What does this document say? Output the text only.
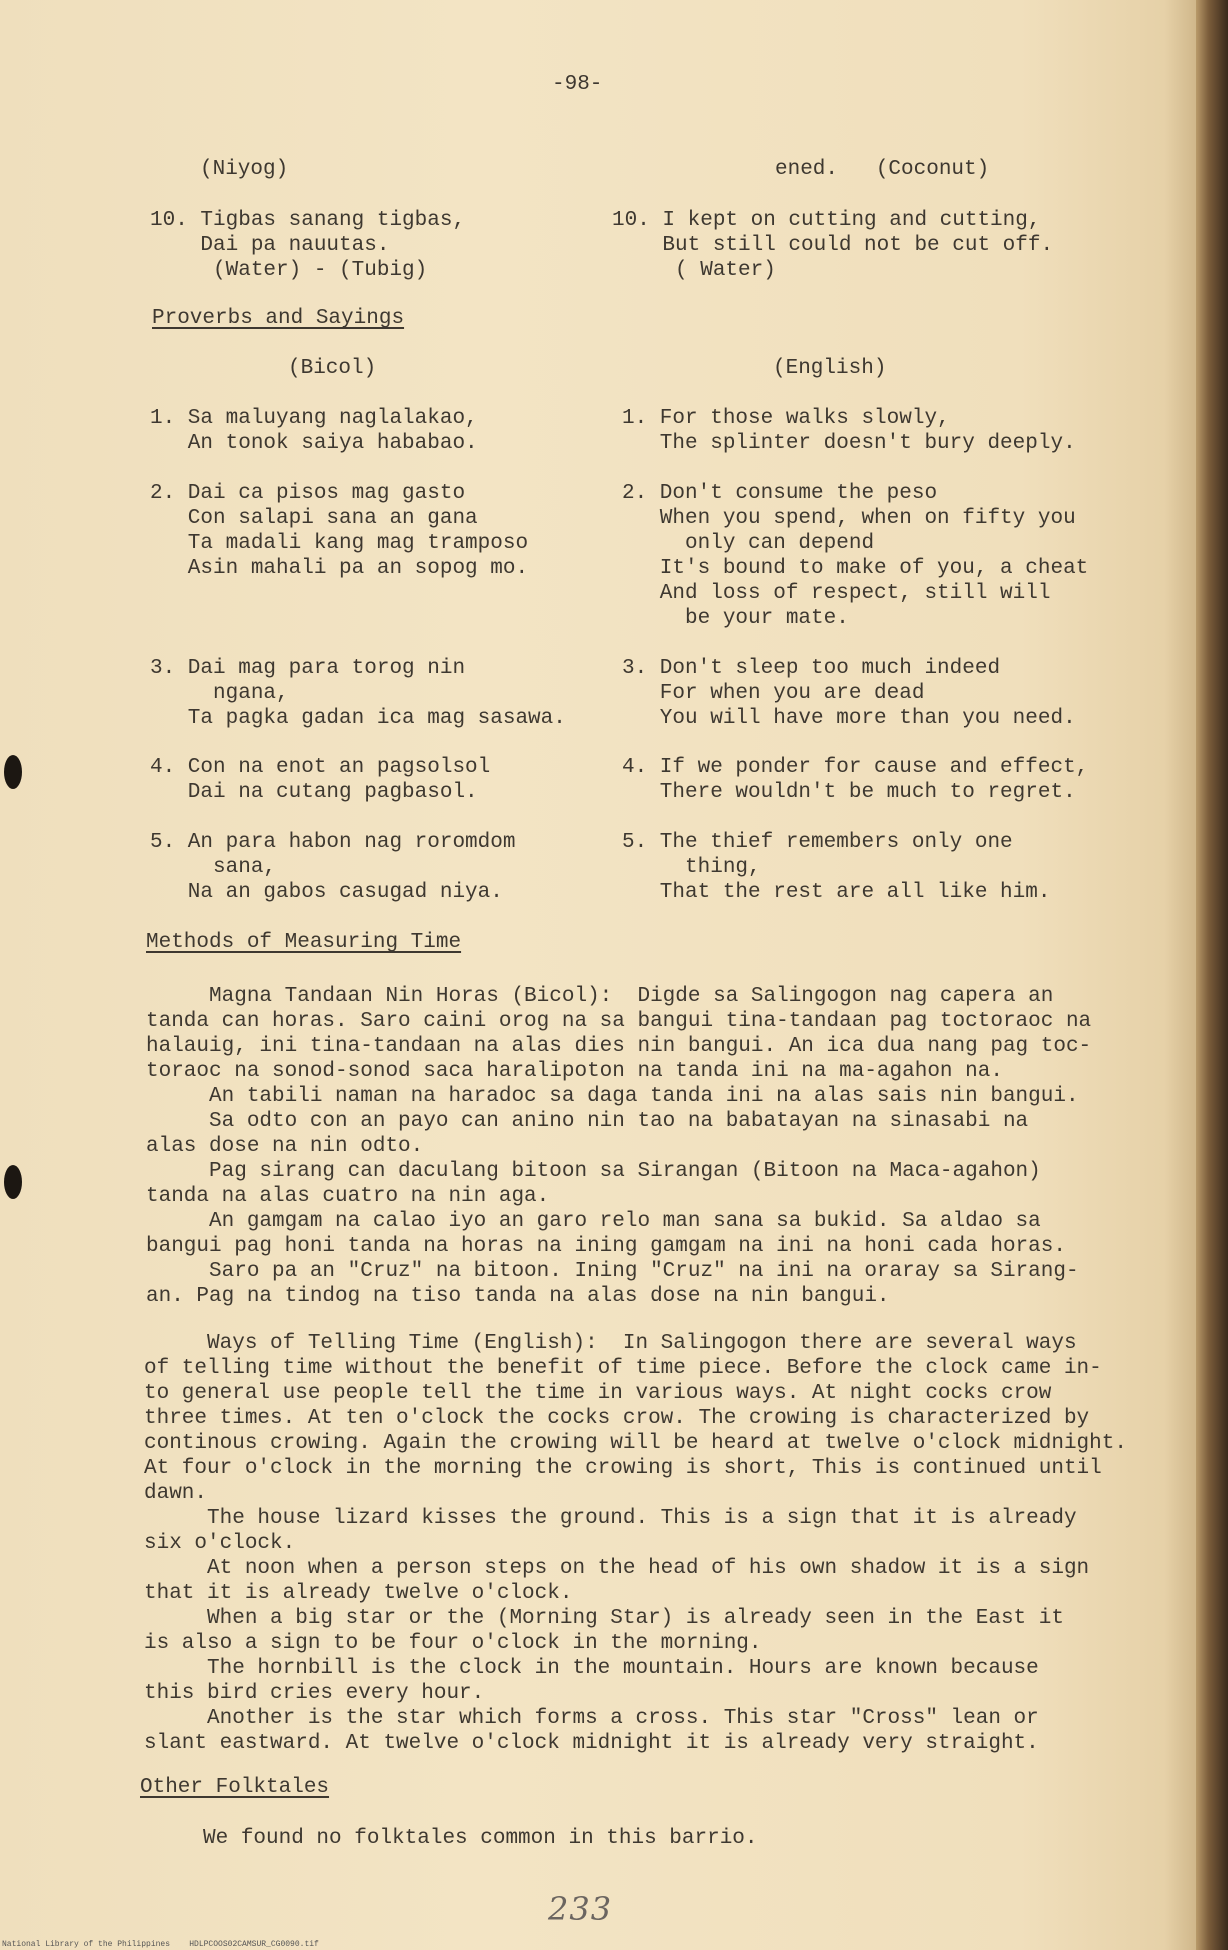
-98-
(Niyog)	ened.   (Coconut)
10. Tigbas sanang tigbas,
Dai pa nauutas.
(Water) - (Tubig)
10. I kept on cutting and cutting,
But still could not be cut off.
( Water)
Proverbs and Sayings
(Bicol)	(English)
1. Sa maluyang naglalakao,
An tonok saiya hababao.
2. Dai ca pisos mag gasto
Con salapi sana an gana
Ta madali kang mag tramposo
Asin mahali pa an sopog mo.
3. Dai mag para torog nin
ngana,
Ta pagka gadan ica mag sasawa.
4. Con na enot an pagsolsol
Dai na cutang pagbasol.
5. An para habon nag roromdom
sana,
Na an gabos casugad niya.
1. For those walks slowly,
The splinter doesn't bury deeply.
2. Don't consume the peso
When you spend, when on fifty you
only can depend
It's bound to make of you, a cheat
And loss of respect, still will
be your mate.
3. Don't sleep too much indeed
For when you are dead
You will have more than you need.
4. If we ponder for cause and effect,
There wouldn't be much to regret.
5. The thief remembers only one
thing,
That the rest are all like him.
Methods of Measuring Time
Magna Tandaan Nin Horas (Bicol):  Digde sa Salingogon nag capera an
tanda can horas. Saro caini orog na sa bangui tina-tandaan pag toctoraoc na
halauig, ini tina-tandaan na alas dies nin bangui. An ica dua nang pag toc-
toraoc na sonod-sonod saca haralipoton na tanda ini na ma-agahon na.
An tabili naman na haradoc sa daga tanda ini na alas sais nin bangui.
Sa odto con an payo can anino nin tao na babatayan na sinasabi na
alas dose na nin odto.
Pag sirang can daculang bitoon sa Sirangan (Bitoon na Maca-agahon)
tanda na alas cuatro na nin aga.
An gamgam na calao iyo an garo relo man sana sa bukid. Sa aldao sa
bangui pag honi tanda na horas na ining gamgam na ini na honi cada horas.
Saro pa an "Cruz" na bitoon. Ining "Cruz" na ini na oraray sa Sirang-
an. Pag na tindog na tiso tanda na alas dose na nin bangui.
Ways of Telling Time (English):  In Salingogon there are several ways
of telling time without the benefit of time piece. Before the clock came in-
to general use people tell the time in various ways. At night cocks crow
three times. At ten o'clock the cocks crow. The crowing is characterized by
continous crowing. Again the crowing will be heard at twelve o'clock midnight.
At four o'clock in the morning the crowing is short, This is continued until
dawn.
The house lizard kisses the ground. This is a sign that it is already
six o'clock.
At noon when a person steps on the head of his own shadow it is a sign
that it is already twelve o'clock.
When a big star or the (Morning Star) is already seen in the East it
is also a sign to be four o'clock in the morning.
The hornbill is the clock in the mountain. Hours are known because
this bird cries every hour.
Another is the star which forms a cross. This star "Cross" lean or
slant eastward. At twelve o'clock midnight it is already very straight.
Other Folktales
We found no folktales common in this barrio.
233
National Library of the Philippines    HDLPCOOS02CAMSUR_CG0090.tif
